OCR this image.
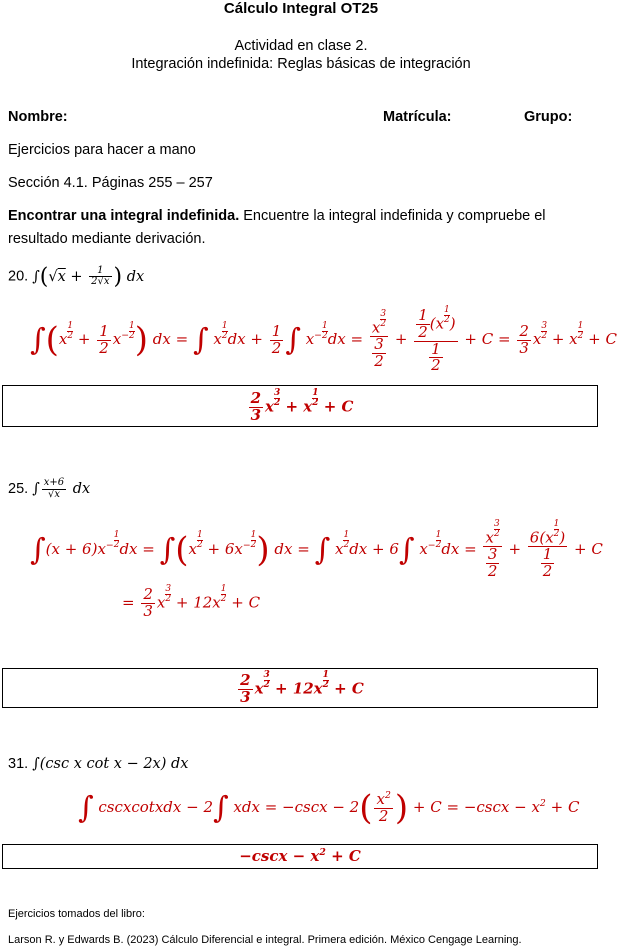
Cálculo Integral OT25
Actividad en clase 2.
Integración indefinida: Reglas básicas de integración
Nombre:	Matrícula:	Grupo:
Ejercicios para hacer a mano
Sección 4.1. Páginas 255 – 257
Encontrar una integral indefinida. Encuentre la integral indefinida y compruebe el
resultado mediante derivación.
20. $\int(√x + \frac{1}{2√x}$ ) dx
$\int(x \frac{1}{2} + \frac{1}{2} x^- \frac{1}{2}$ ) dx = ∫ x $\frac{1}{2}$ dx + $\frac{1}{2}$ ∫ $x^- \frac{1}{2}$ dx = $\frac{x \frac{3}{2}}{\frac{3}{2}} + \frac{\frac{1}{2} (x \frac{1}{2} )}{\frac{1}{2}} + C = \frac{2}{3}$ x $\frac{3}{2} + x \frac{1}{2} + C$
$\frac{2}{3}$ x $\frac{3}{2} + x \frac{1}{2} + C$
25. ∫ $\frac{x+6}{√x}$ dx
$\int(x + 6)x^- \frac{1}{2}$ dx = $\int(x \frac{1}{2} + 6x^- \frac{1}{2}$ ) dx = ∫ x $\frac{1}{2}$ dx + 6∫ $x^- \frac{1}{2}$ dx = $\frac{x \frac{3}{2}}{\frac{3}{2}} + \frac{6(x \frac{1}{2} )}{\frac{1}{2}} + C$
= $\frac{2}{3}$ x $\frac{3}{2} + 12x \frac{1}{2} + C$
$\frac{2}{3}$ x $\frac{3}{2} + 12x \frac{1}{2} + C$
31. ∫(csc x cot x − 2x) dx
∫ cscxcotxdx − 2∫ xdx = $-\csc x - 2( \frac{x^2}{2}$ ) + $C = -\csc x - x^2 + C$
$-\csc x - x^2 + C$
Ejercicios tomados del libro:
Larson R. y Edwards B. (2023) Cálculo Diferencial e integral. Primera edición. México Cengage Learning.
